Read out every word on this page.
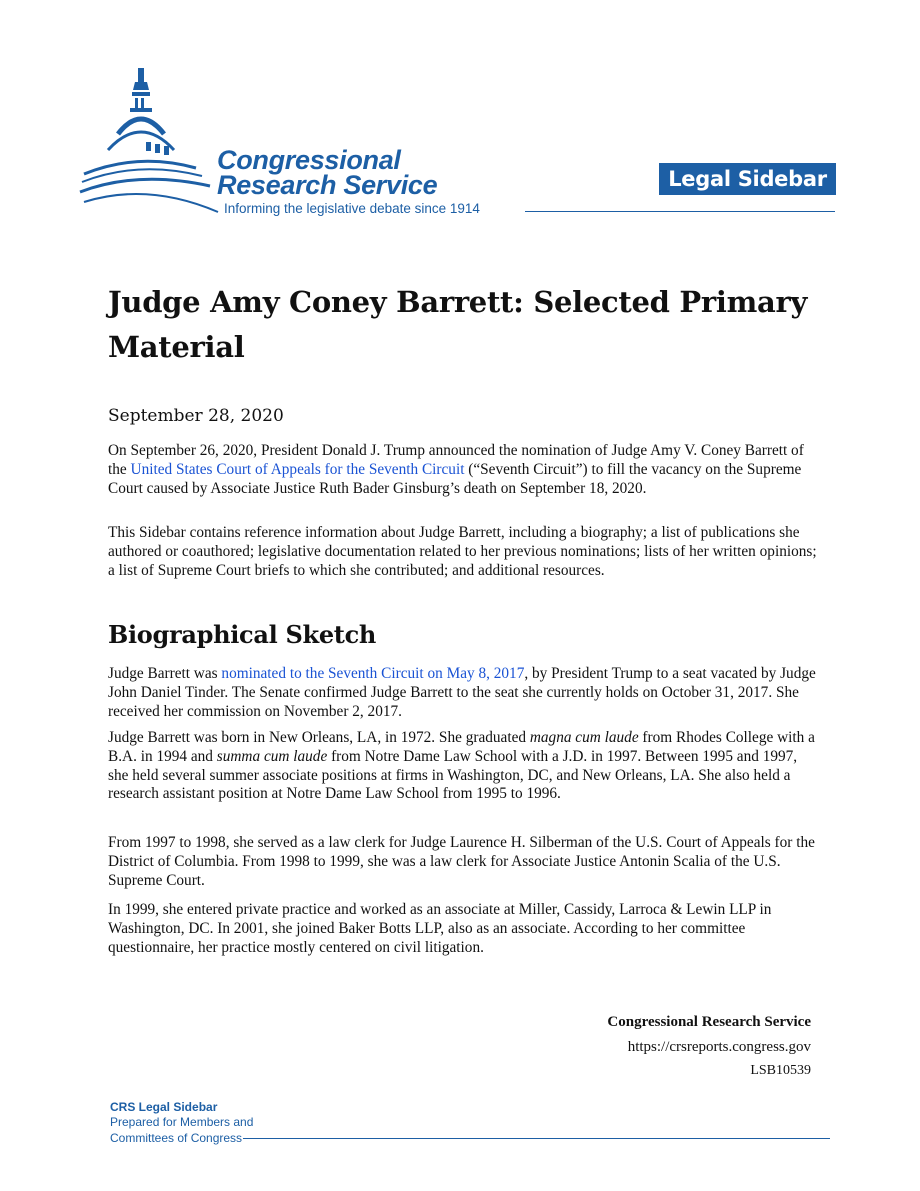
Congressional
Research Service
Informing the legislative debate since 1914
Legal Sidebar
Judge Amy Coney Barrett: Selected Primary Material
September 28, 2020

On September 26, 2020, President Donald J. Trump announced the nomination of Judge Amy V. Coney Barrett of the United States Court of Appeals for the Seventh Circuit (“Seventh Circuit”) to fill the vacancy on the Supreme Court caused by Associate Justice Ruth Bader Ginsburg’s death on September 18, 2020.

This Sidebar contains reference information about Judge Barrett, including a biography; a list of publications she authored or coauthored; legislative documentation related to her previous nominations; lists of her written opinions; a list of Supreme Court briefs to which she contributed; and additional resources.

Biographical Sketch

Judge Barrett was nominated to the Seventh Circuit on May 8, 2017, by President Trump to a seat vacated by Judge John Daniel Tinder. The Senate confirmed Judge Barrett to the seat she currently holds on October 31, 2017. She received her commission on November 2, 2017.

Judge Barrett was born in New Orleans, LA, in 1972. She graduated magna cum laude from Rhodes College with a B.A. in 1994 and summa cum laude from Notre Dame Law School with a J.D. in 1997. Between 1995 and 1997, she held several summer associate positions at firms in Washington, DC, and New Orleans, LA. She also held a research assistant position at Notre Dame Law School from 1995 to 1996.

From 1997 to 1998, she served as a law clerk for Judge Laurence H. Silberman of the U.S. Court of Appeals for the District of Columbia. From 1998 to 1999, she was a law clerk for Associate Justice Antonin Scalia of the U.S. Supreme Court.

In 1999, she entered private practice and worked as an associate at Miller, Cassidy, Larroca & Lewin LLP in Washington, DC. In 2001, she joined Baker Botts LLP, also as an associate. According to her committee questionnaire, her practice mostly centered on civil litigation.

Congressional Research Service
https://crsreports.congress.gov
LSB10539
CRS Legal Sidebar
Prepared for Members and
Committees of Congress
